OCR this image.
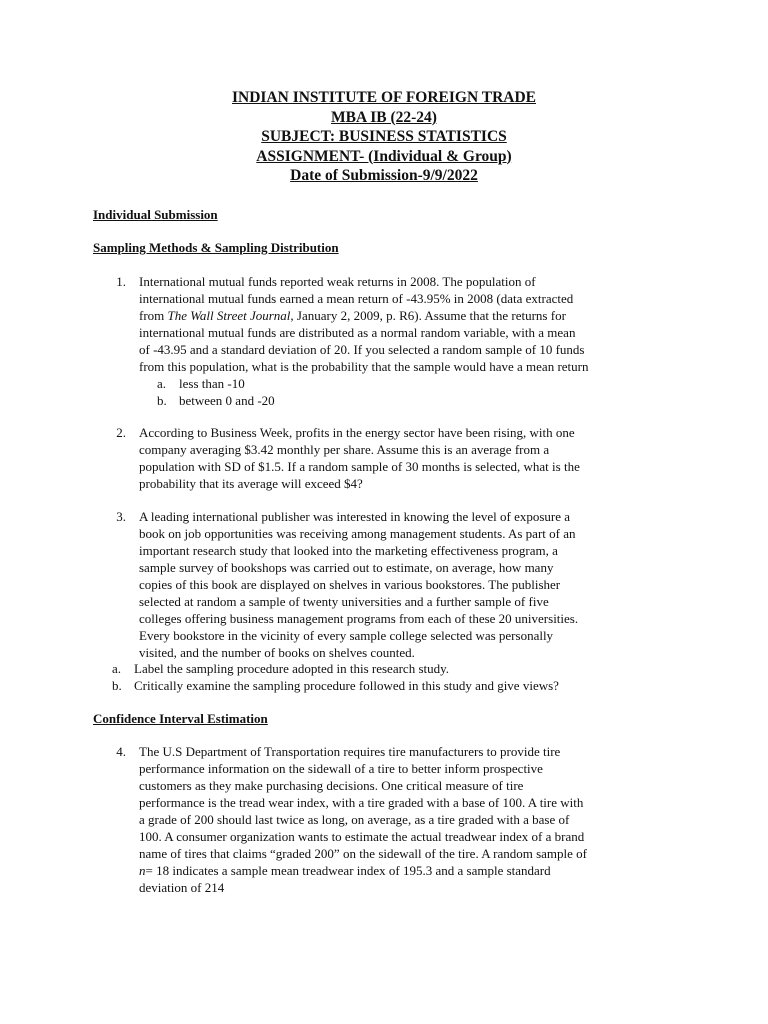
INDIAN INSTITUTE OF FOREIGN TRADE
MBA IB (22-24)
SUBJECT: BUSINESS STATISTICS
ASSIGNMENT- (Individual & Group)
Date of Submission-9/9/2022
Individual Submission
Sampling Methods & Sampling Distribution
1. International mutual funds reported weak returns in 2008. The population of
international mutual funds earned a mean return of -43.95% in 2008 (data extracted
from The Wall Street Journal, January 2, 2009, p. R6). Assume that the returns for
international mutual funds are distributed as a normal random variable, with a mean
of -43.95 and a standard deviation of 20. If you selected a random sample of 10 funds
from this population, what is the probability that the sample would have a mean return
a. less than -10
b. between 0 and -20
2. According to Business Week, profits in the energy sector have been rising, with one
company averaging $3.42 monthly per share. Assume this is an average from a
population with SD of $1.5. If a random sample of 30 months is selected, what is the
probability that its average will exceed $4?
3. A leading international publisher was interested in knowing the level of exposure a
book on job opportunities was receiving among management students. As part of an
important research study that looked into the marketing effectiveness program, a
sample survey of bookshops was carried out to estimate, on average, how many
copies of this book are displayed on shelves in various bookstores. The publisher
selected at random a sample of twenty universities and a further sample of five
colleges offering business management programs from each of these 20 universities.
Every bookstore in the vicinity of every sample college selected was personally
visited, and the number of books on shelves counted.
a. Label the sampling procedure adopted in this research study.
b. Critically examine the sampling procedure followed in this study and give views?
Confidence Interval Estimation
4. The U.S Department of Transportation requires tire manufacturers to provide tire
performance information on the sidewall of a tire to better inform prospective
customers as they make purchasing decisions. One critical measure of tire
performance is the tread wear index, with a tire graded with a base of 100. A tire with
a grade of 200 should last twice as long, on average, as a tire graded with a base of
100. A consumer organization wants to estimate the actual treadwear index of a brand
name of tires that claims “graded 200” on the sidewall of the tire. A random sample of
n= 18 indicates a sample mean treadwear index of 195.3 and a sample standard
deviation of 214
